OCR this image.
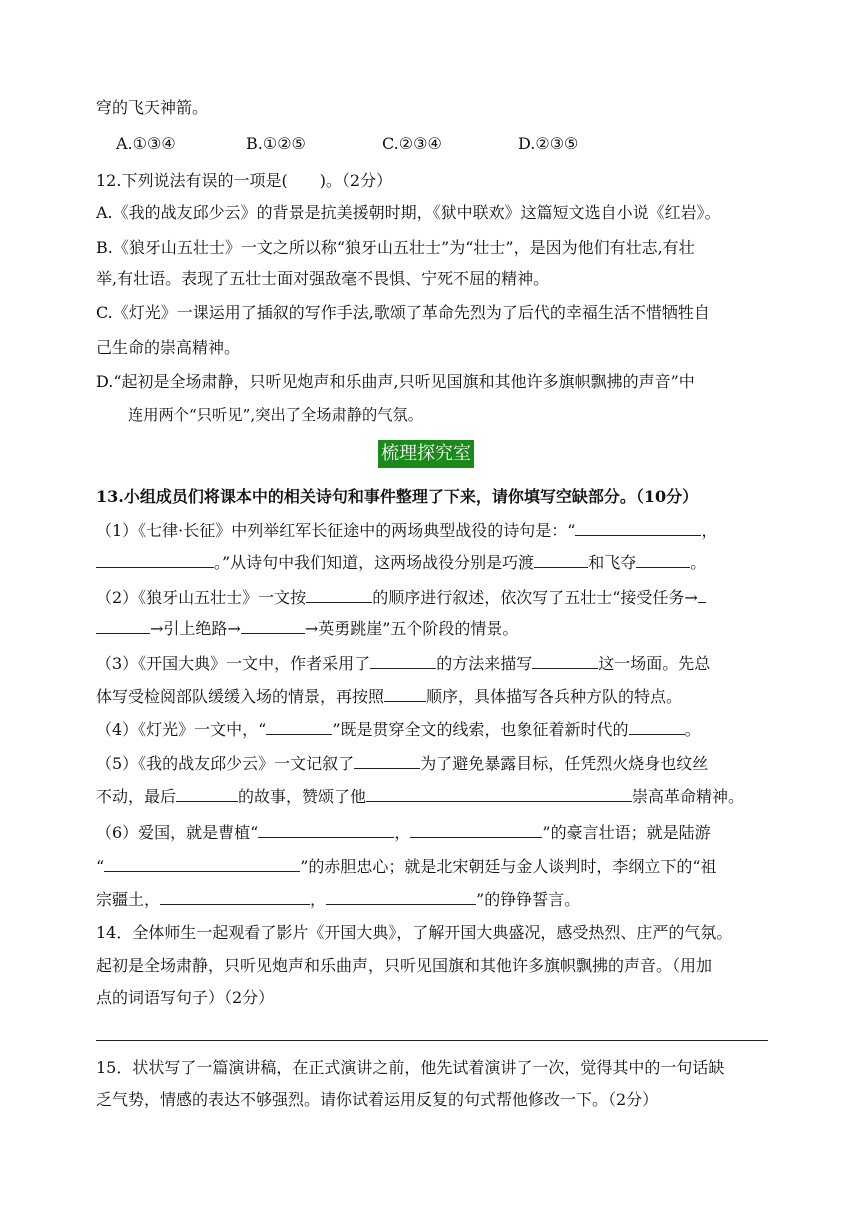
穹的飞天神箭。
A.①③④	B.①②⑤	C.②③④	D.②③⑤
12.下列说法有误的一项是(　　)。（2分）
A.《我的战友邱少云》的背景是抗美援朝时期，《狱中联欢》这篇短文选自小说《红岩》。
B.《狼牙山五壮士》一文之所以称“狼牙山五壮士”为“壮士”，是因为他们有壮志,有壮
举,有壮语。表现了五壮士面对强敌毫不畏惧、宁死不屈的精神。
C.《灯光》一课运用了插叙的写作手法,歌颂了革命先烈为了后代的幸福生活不惜牺牲自
己生命的崇高精神。
D.“起初是全场肃静，只听见炮声和乐曲声,只听见国旗和其他许多旗帜飘拂的声音”中
连用两个“只听见”,突出了全场肃静的气氛。
梳理探究室
13.小组成员们将课本中的相关诗句和事件整理了下来，请你填写空缺部分。（10分）
（1）《七律·长征》中列举红军长征途中的两场典型战役的诗句是：“	，
。”从诗句中我们知道，这两场战役分别是巧渡	和飞夺	。
（2）《狼牙山五壮士》一文按	的顺序进行叙述，依次写了五壮士“接受任务→
→引上绝路→	→英勇跳崖”五个阶段的情景。
（3）《开国大典》一文中，作者采用了	的方法来描写	这一场面。先总
体写受检阅部队缓缓入场的情景，再按照	顺序，具体描写各兵种方队的特点。
（4）《灯光》一文中，“	”既是贯穿全文的线索，也象征着新时代的	。
（5）《我的战友邱少云》一文记叙了	为了避免暴露目标，任凭烈火烧身也纹丝
不动，最后	的故事，赞颂了他	崇高革命精神。
（6）爱国，就是曹植“	，	”的豪言壮语；就是陆游
“	”的赤胆忠心；就是北宋朝廷与金人谈判时，李纲立下的“祖
宗疆土，	，	”的铮铮誓言。
14．全体师生一起观看了影片《开国大典》，了解开国大典盛况，感受热烈、庄严的气氛。
起初是全场肃静，只听见炮声和乐曲声，只听见国旗和其他许多旗帜飘拂的声音。（用加
点的词语写句子）（2分）
15．状状写了一篇演讲稿，在正式演讲之前，他先试着演讲了一次，觉得其中的一句话缺
乏气势，情感的表达不够强烈。请你试着运用反复的句式帮他修改一下。（2分）
